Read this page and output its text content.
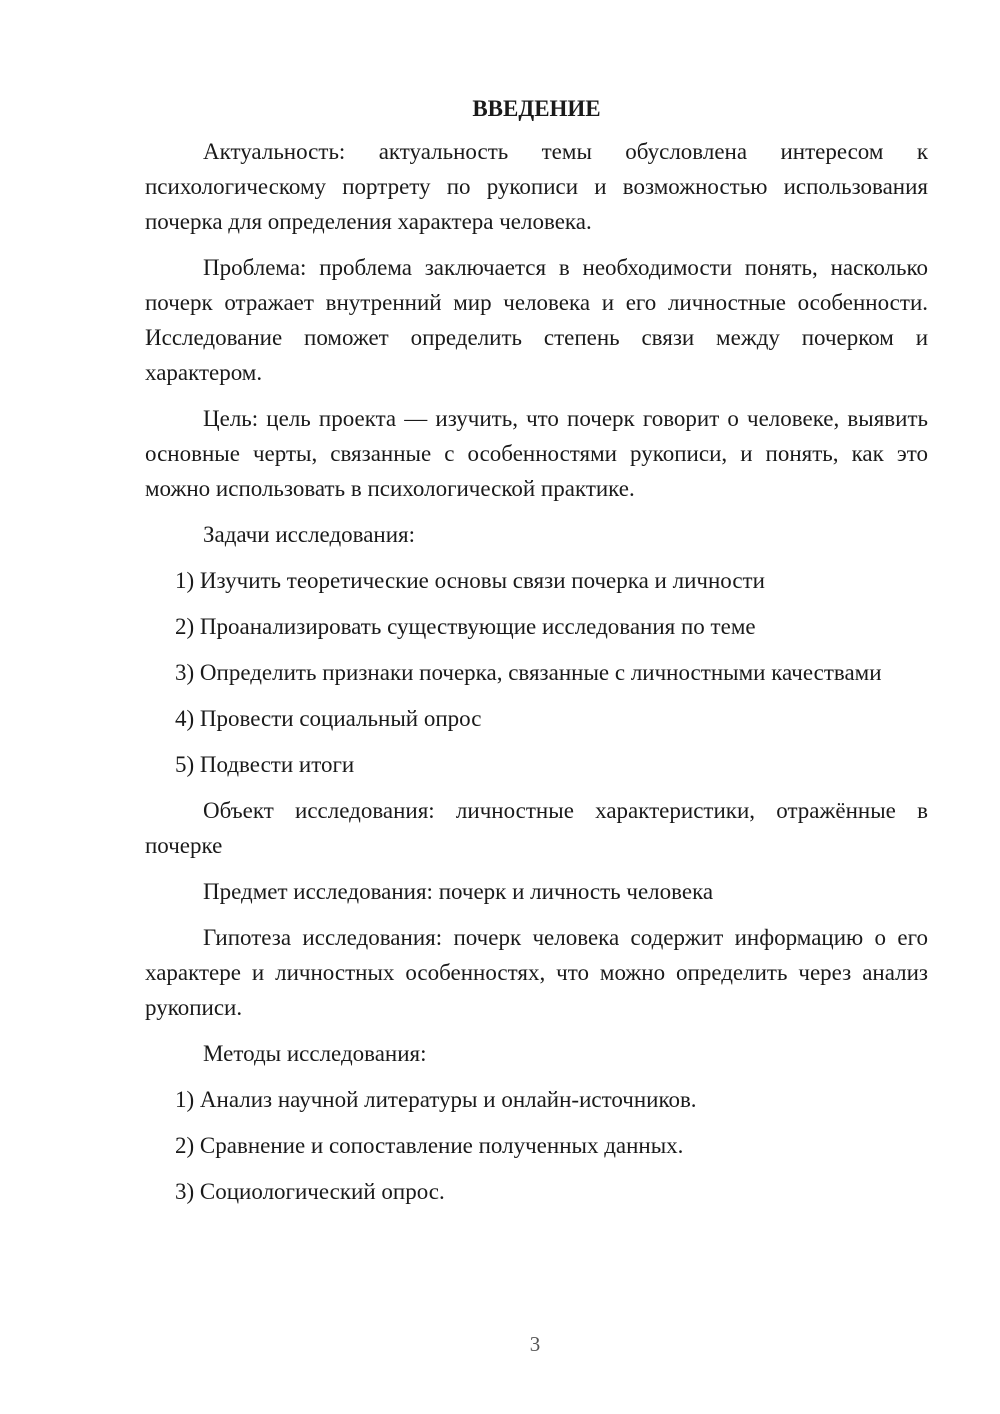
ВВЕДЕНИЕ

Актуальность: актуальность темы обусловлена интересом к психологическому портрету по рукописи и возможностью использования почерка для определения характера человека.

Проблема: проблема заключается в необходимости понять, насколько почерк отражает внутренний мир человека и его личностные особенности. Исследование поможет определить степень связи между почерком и характером.

Цель: цель проекта — изучить, что почерк говорит о человеке, выявить основные черты, связанные с особенностями рукописи, и понять, как это можно использовать в психологической практике.

Задачи исследования:

1) Изучить теоретические основы связи почерка и личности

2) Проанализировать существующие исследования по теме

3) Определить признаки почерка, связанные с личностными качествами

4) Провести социальный опрос

5) Подвести итоги

Объект исследования: личностные характеристики, отражённые в почерке

Предмет исследования: почерк и личность человека

Гипотеза исследования: почерк человека содержит информацию о его характере и личностных особенностях, что можно определить через анализ рукописи.

Методы исследования:

1) Анализ научной литературы и онлайн-источников.

2) Сравнение и сопоставление полученных данных.

3) Социологический опрос.

3
